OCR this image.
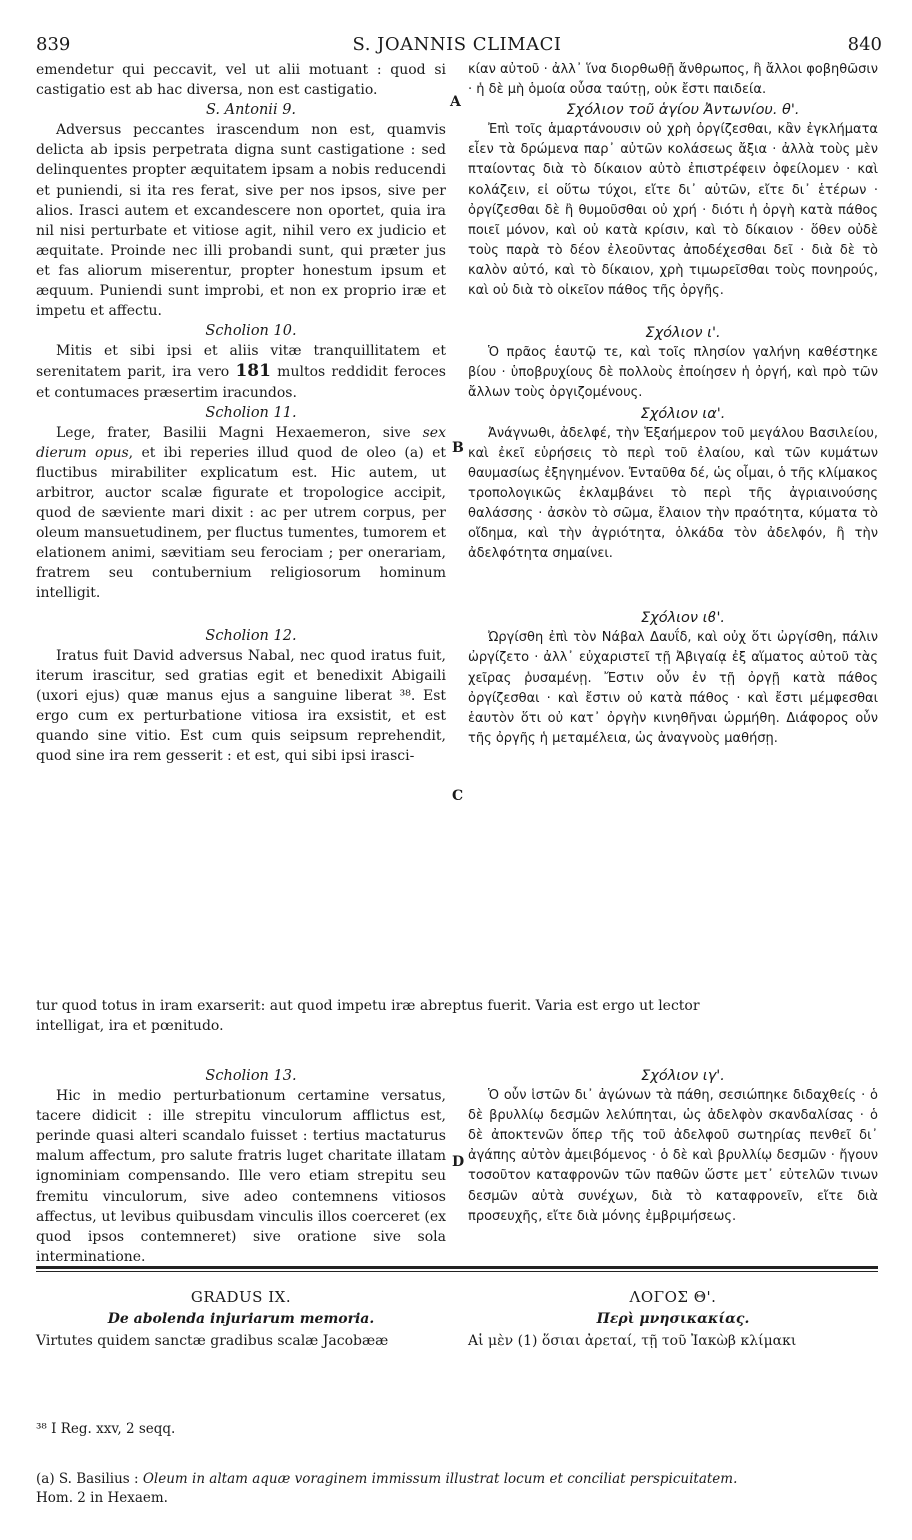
839	S. JOANNIS CLIMACI	840

emendetur qui peccavit, vel ut alii motuant : quod si castigatio est ab hac diversa, non est castigatio.

S. Antonii 9.

Adversus peccantes irascendum non est, quamvis delicta ab ipsis perpetrata digna sunt castigatione : sed delinquentes propter æquitatem ipsam a nobis reducendi et puniendi, si ita res ferat, sive per nos ipsos, sive per alios. Irasci autem et excandescere non oportet, quia ira nil nisi perturbate et vitiose agit, nihil vero ex judicio et æquitate. Proinde nec illi probandi sunt, qui præter jus et fas aliorum miserentur, propter honestum ipsum et æquum. Puniendi sunt improbi, et non ex proprio iræ et impetu et affectu.

Scholion 10.

Mitis et sibi ipsi et aliis vitæ tranquillitatem et serenitatem parit, ira vero 181 multos reddidit feroces et contumaces præsertim iracundos.

Scholion 11.

Lege, frater, Basilii Magni Hexaemeron, sive sex dierum opus, et ibi reperies illud quod de oleo (a) et fluctibus mirabiliter explicatum est. Hic autem, ut arbitror, auctor scalæ figurate et tropologice accipit, quod de sæviente mari dixit : ac per utrem corpus, per oleum mansuetudinem, per fluctus tumentes, tumorem et elationem animi, sævitiam seu ferociam ; per onerariam, fratrem seu contubernium religiosorum hominum intelligit.

Scholion 12.

Iratus fuit David adversus Nabal, nec quod iratus fuit, iterum irascitur, sed gratias egit et benedixit Abigaili (uxori ejus) quæ manus ejus a sanguine liberat ³⁸. Est ergo cum ex perturbatione vitiosa ira exsistit, et est quando sine vitio. Est cum quis seipsum reprehendit, quod sine ira rem gesserit : et est, qui sibi ipsi irasci-

κίαν αὐτοῦ · ἀλλ᾽ ἵνα διορθωθῇ ἄνθρωπος, ἢ ἄλλοι φοβηθῶσιν · ἡ δὲ μὴ ὁμοία οὖσα ταύτῃ, οὐκ ἔστι παιδεία.

Σχόλιον τοῦ ἁγίου Ἀντωνίου. θ'.

Ἐπὶ τοῖς ἁμαρτάνουσιν οὐ χρὴ ὀργίζεσθαι, κἂν ἐγκλήματα εἶεν τὰ δρώμενα παρ᾽ αὐτῶν κολάσεως ἄξια · ἀλλὰ τοὺς μὲν πταίοντας διὰ τὸ δίκαιον αὐτὸ ἐπιστρέφειν ὀφείλομεν · καὶ κολάζειν, εἰ οὕτω τύχοι, εἴτε δι᾽ αὐτῶν, εἴτε δι᾽ ἑτέρων · ὀργίζεσθαι δὲ ἢ θυμοῦσθαι οὐ χρή · διότι ἡ ὀργὴ κατὰ πάθος ποιεῖ μόνον, καὶ οὐ κατὰ κρίσιν, καὶ τὸ δίκαιον · ὅθεν οὐδὲ τοὺς παρὰ τὸ δέον ἐλεοῦντας ἀποδέχεσθαι δεῖ · διὰ δὲ τὸ καλὸν αὐτό, καὶ τὸ δίκαιον, χρὴ τιμωρεῖσθαι τοὺς πονηρούς, καὶ οὐ διὰ τὸ οἰκεῖον πάθος τῆς ὀργῆς.

Σχόλιον ι'.

Ὁ πρᾶος ἑαυτῷ τε, καὶ τοῖς πλησίον γαλήνη καθέστηκε βίου · ὑποβρυχίους δὲ πολλοὺς ἐποίησεν ἡ ὀργή, καὶ πρὸ τῶν ἄλλων τοὺς ὀργιζομένους.

Σχόλιον ια'.

Ἀνάγνωθι, ἀδελφέ, τὴν Ἑξαήμερον τοῦ μεγάλου Βασιλείου, καὶ ἐκεῖ εὑρήσεις τὸ περὶ τοῦ ἐλαίου, καὶ τῶν κυμάτων θαυμασίως ἐξηγημένον. Ἐνταῦθα δέ, ὡς οἶμαι, ὁ τῆς κλίμακος τροπολογικῶς ἐκλαμβάνει τὸ περὶ τῆς ἀγριαινούσης θαλάσσης · ἀσκὸν τὸ σῶμα, ἔλαιον τὴν πραότητα, κύματα τὸ οἴδημα, καὶ τὴν ἀγριότητα, ὁλκάδα τὸν ἀδελφόν, ἢ τὴν ἀδελφότητα σημαίνει.

Σχόλιον ιϐ'.

Ὠργίσθη ἐπὶ τὸν Νάβαλ Δαυΐδ, καὶ οὐχ ὅτι ὠργίσθη, πάλιν ὠργίζετο · ἀλλ᾽ εὐχαριστεῖ τῇ Ἀβιγαίᾳ ἐξ αἵματος αὐτοῦ τὰς χεῖρας ῥυσαμένῃ. Ἔστιν οὖν ἐν τῇ ὀργῇ κατὰ πάθος ὀργίζεσθαι · καὶ ἔστιν οὐ κατὰ πάθος · καὶ ἔστι μέμφεσθαι ἑαυτὸν ὅτι οὐ κατ᾽ ὀργὴν κινηθῆναι ὡρμήθη. Διάφορος οὖν τῆς ὀργῆς ἡ μεταμέλεια, ὡς ἀναγνοὺς μαθήσῃ.

tur quod totus in iram exarserit: aut quod impetu iræ abreptus fuerit. Varia est ergo ut lector
intelligat, ira et pœnitudo.

Scholion 13.

Hic in medio perturbationum certamine versatus, tacere didicit : ille strepitu vinculorum afflictus est, perinde quasi alteri scandalo fuisset : tertius mactaturus malum affectum, pro salute fratris luget charitate illatam ignominiam compensando. Ille vero etiam strepitu seu fremitu vinculorum, sive adeo contemnens vitiosos affectus, ut levibus quibusdam vinculis illos coerceret (ex quod ipsos contemneret) sive oratione sive sola interminatione.

Σχόλιον ιγ'.

Ὁ οὖν ἱστῶν δι᾽ ἀγώνων τὰ πάθη, σεσιώπηκε διδαχθείς · ὁ δὲ βρυλλίῳ δεσμῶν λελύπηται, ὡς ἀδελφὸν σκανδαλίσας · ὁ δὲ ἀποκτενῶν ὅπερ τῆς τοῦ ἀδελφοῦ σωτηρίας πενθεῖ δι᾽ ἀγάπης αὐτὸν ἀμειβόμενος · ὁ δὲ καὶ βρυλλίῳ δεσμῶν · ἤγουν τοσοῦτον καταφρονῶν τῶν παθῶν ὥστε μετ᾽ εὐτελῶν τινων δεσμῶν αὐτὰ συνέχων, διὰ τὸ καταφρονεῖν, εἴτε διὰ προσευχῆς, εἴτε διὰ μόνης ἐμβριμήσεως.

A
B
C
D
GRADUS IX.
De abolenda injuriarum memoria.
Virtutes quidem sanctæ gradibus scalæ Jacobææ
ΛΟΓΟΣ Θ'.
Περὶ μνησικακίας.
Αἱ μὲν (1) ὅσιαι ἀρεταί, τῇ τοῦ Ἰακὼβ κλίμακι
³⁸ I Reg. xxv, 2 seqq.
(a) S. Basilius : Oleum in altam aquæ voraginem immissum illustrat locum et conciliat perspicuitatem.
Hom. 2 in Hexaem.
